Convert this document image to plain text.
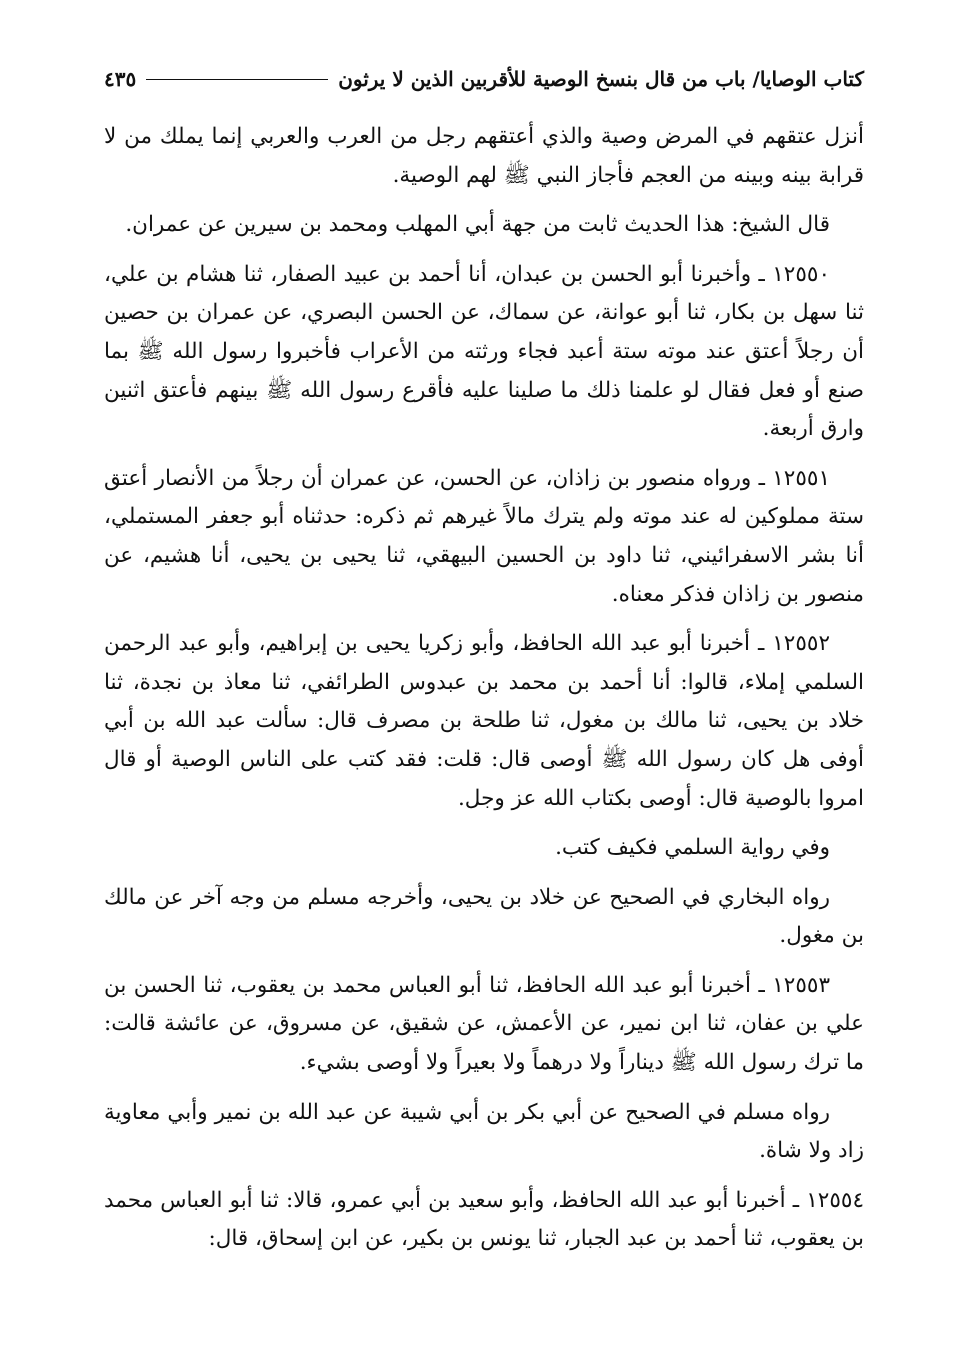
كتاب الوصايا/ باب من قال بنسخ الوصية للأقربين الذين لا يرثون
٤٣٥

أنزل عتقهم في المرض وصية والذي أعتقهم رجل من العرب والعربي إنما يملك من لا قرابة بينه وبينه من العجم فأجاز النبي ﷺ لهم الوصية.

قال الشيخ: هذا الحديث ثابت من جهة أبي المهلب ومحمد بن سيرين عن عمران.

١٢٥٥٠ ـ وأخبرنا أبو الحسن بن عبدان، أنا أحمد بن عبيد الصفار، ثنا هشام بن علي، ثنا سهل بن بكار، ثنا أبو عوانة، عن سماك، عن الحسن البصري، عن عمران بن حصين أن رجلاً أعتق عند موته ستة أعبد فجاء ورثته من الأعراب فأخبروا رسول الله ﷺ بما صنع أو فعل فقال لو علمنا ذلك ما صلينا عليه فأقرع رسول الله ﷺ بينهم فأعتق اثنين وارق أربعة.

١٢٥٥١ ـ ورواه منصور بن زاذان، عن الحسن، عن عمران أن رجلاً من الأنصار أعتق ستة مملوكين له عند موته ولم يترك مالاً غيرهم ثم ذكره: حدثناه أبو جعفر المستملي، أنا بشر الاسفرائيني، ثنا داود بن الحسين البيهقي، ثنا يحيى بن يحيى، أنا هشيم، عن منصور بن زاذان فذكر معناه.

١٢٥٥٢ ـ أخبرنا أبو عبد الله الحافظ، وأبو زكريا يحيى بن إبراهيم، وأبو عبد الرحمن السلمي إملاء، قالوا: أنا أحمد بن محمد بن عبدوس الطرائفي، ثنا معاذ بن نجدة، ثنا خلاد بن يحيى، ثنا مالك بن مغول، ثنا طلحة بن مصرف قال: سألت عبد الله بن أبي أوفى هل كان رسول الله ﷺ أوصى قال: قلت: فقد كتب على الناس الوصية أو قال امروا بالوصية قال: أوصى بكتاب الله عز وجل.

وفي رواية السلمي فكيف كتب.

رواه البخاري في الصحيح عن خلاد بن يحيى، وأخرجه مسلم من وجه آخر عن مالك بن مغول.

١٢٥٥٣ ـ أخبرنا أبو عبد الله الحافظ، ثنا أبو العباس محمد بن يعقوب، ثنا الحسن بن علي بن عفان، ثنا ابن نمير، عن الأعمش، عن شقيق، عن مسروق، عن عائشة قالت: ما ترك رسول الله ﷺ ديناراً ولا درهماً ولا بعيراً ولا أوصى بشيء.

رواه مسلم في الصحيح عن أبي بكر بن أبي شيبة عن عبد الله بن نمير وأبي معاوية زاد ولا شاة.

١٢٥٥٤ ـ أخبرنا أبو عبد الله الحافظ، وأبو سعيد بن أبي عمرو، قالا: ثنا أبو العباس محمد بن يعقوب، ثنا أحمد بن عبد الجبار، ثنا يونس بن بكير، عن ابن إسحاق، قال:
